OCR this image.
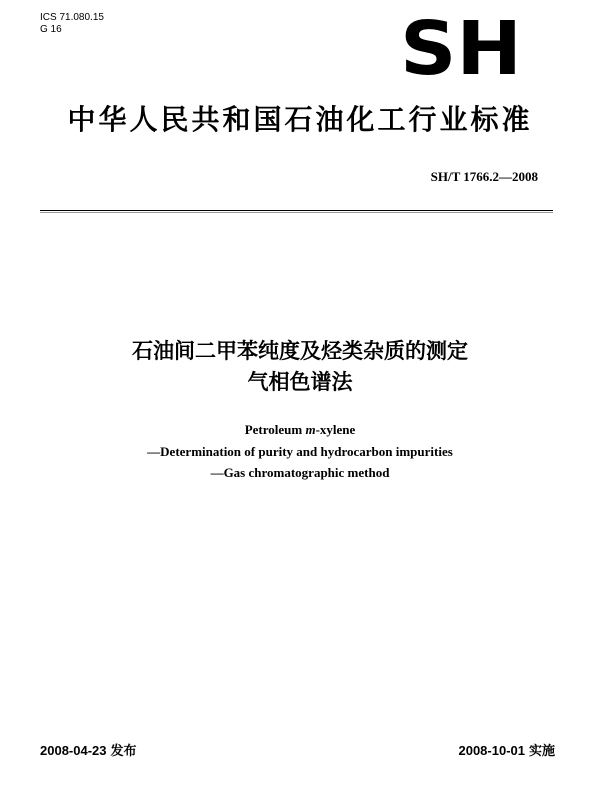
ICS 71.080.15
G 16	SH
中华人民共和国石油化工行业标准
SH/T 1766.2—2008
石油间二甲苯纯度及烃类杂质的测定
气相色谱法
Petroleum m-xylene
—Determination of purity and hydrocarbon impurities
—Gas chromatographic method
2008-04-23 发布	2008-10-01 实施
